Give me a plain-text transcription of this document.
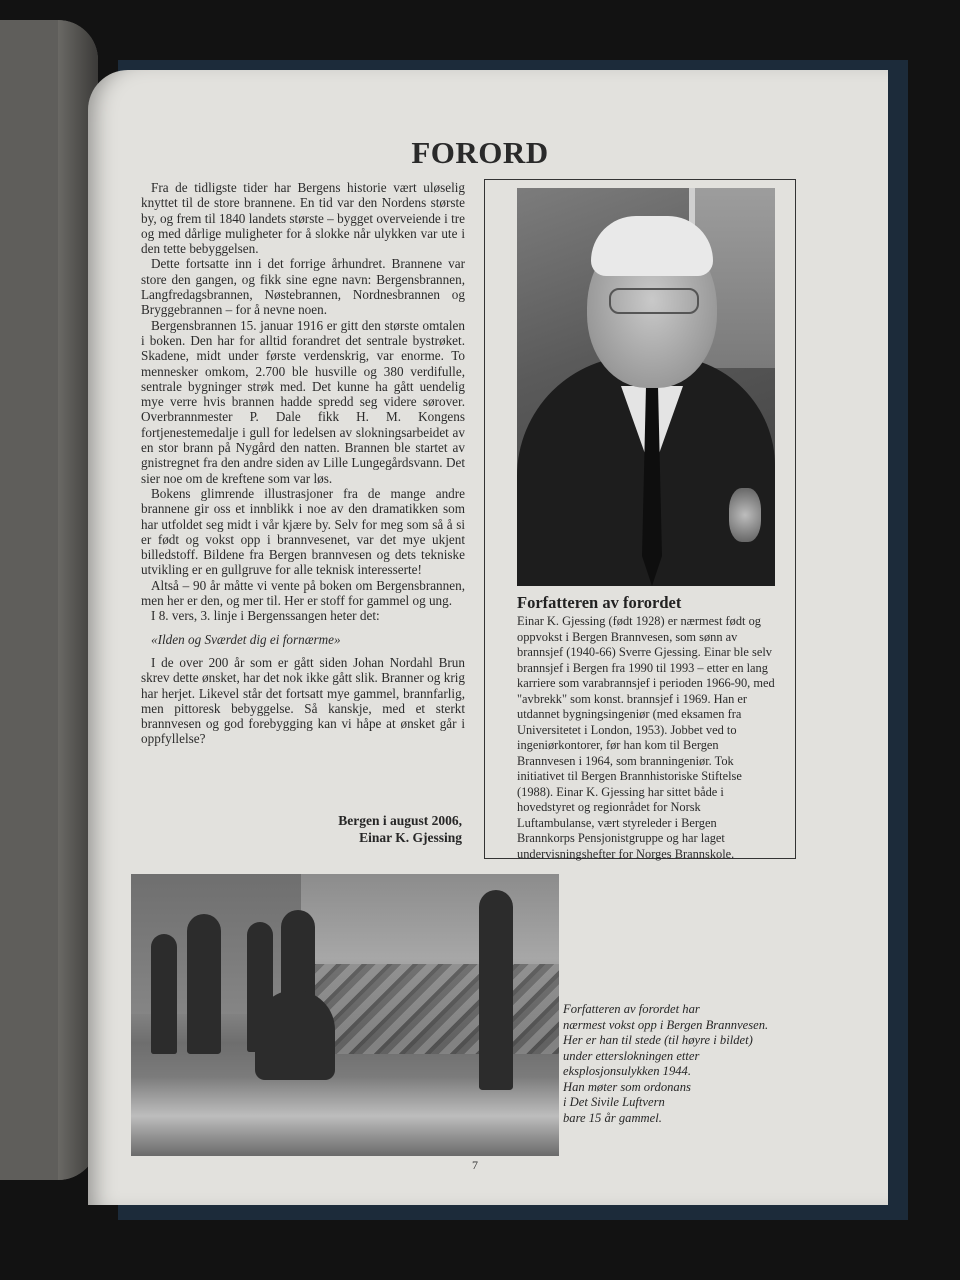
FORORD

Fra de tidligste tider har Bergens historie vært uløselig knyttet til de store brannene. En tid var den Nordens største by, og frem til 1840 landets største – bygget overveiende i tre og med dårlige muligheter for å slokke når ulykken var ute i den tette bebyggelsen.

Dette fortsatte inn i det forrige århundret. Brannene var store den gangen, og fikk sine egne navn: Bergensbrannen, Langfredagsbrannen, Nøstebrannen, Nordnesbrannen og Bryggebrannen – for å nevne noen.

Bergensbrannen 15. januar 1916 er gitt den største omtalen i boken. Den har for alltid forandret det sentrale bystrøket. Skadene, midt under første verdenskrig, var enorme. To mennesker omkom, 2.700 ble husville og 380 verdifulle, sentrale bygninger strøk med. Det kunne ha gått uendelig mye verre hvis brannen hadde spredd seg videre sørover. Overbrannmester P. Dale fikk H. M. Kongens fortjenestemedalje i gull for ledelsen av slokningsarbeidet av en stor brann på Nygård den natten. Brannen ble startet av gnistregnet fra den andre siden av Lille Lungegårdsvann. Det sier noe om de kreftene som var løs.

Bokens glimrende illustrasjoner fra de mange andre brannene gir oss et innblikk i noe av den dramatikken som har utfoldet seg midt i vår kjære by. Selv for meg som så å si er født og vokst opp i brannvesenet, var det mye ukjent billedstoff. Bildene fra Bergen brannvesen og dets tekniske utvikling er en gullgruve for alle teknisk interesserte!

Altså – 90 år måtte vi vente på boken om Bergensbrannen, men her er den, og mer til. Her er stoff for gammel og ung.

I 8. vers, 3. linje i Bergenssangen heter det:

«Ilden og Sværdet dig ei fornærme»

I de over 200 år som er gått siden Johan Nordahl Brun skrev dette ønsket, har det nok ikke gått slik. Branner og krig har herjet. Likevel står det fortsatt mye gammel, brannfarlig, men pittoresk bebyggelse. Så kanskje, med et sterkt brannvesen og god forebygging kan vi håpe at ønsket går i oppfyllelse?

Bergen i august 2006,
Einar K. Gjessing
Forfatteren av forordet
Einar K. Gjessing (født 1928) er nærmest født og oppvokst i Bergen Brannvesen, som sønn av brannsjef (1940-66) Sverre Gjessing. Einar ble selv brannsjef i Bergen fra 1990 til 1993 – etter en lang karriere som varabrannsjef i perioden 1966-90, med "avbrekk" som konst. brannsjef i 1969. Han er utdannet bygningsingeniør (med eksamen fra Universitetet i London, 1953). Jobbet ved to ingeniørkontorer, før han kom til Bergen Brannvesen i 1964, som branningeniør. Tok initiativet til Bergen Brannhistoriske Stiftelse (1988). Einar K. Gjessing har sittet både i hovedstyret og regionrådet for Norsk Luftambulanse, vært styreleder i Bergen Brannkorps Pensjonistgruppe og har laget undervisningshefter for Norges Brannskole.
Forfatteren av forordet har
nærmest vokst opp i Bergen Brannvesen.
Her er han til stede (til høyre i bildet)
under etterslokningen etter
eksplosjonsulykken 1944.
Han møter som ordonans
i Det Sivile Luftvern
bare 15 år gammel.
7
